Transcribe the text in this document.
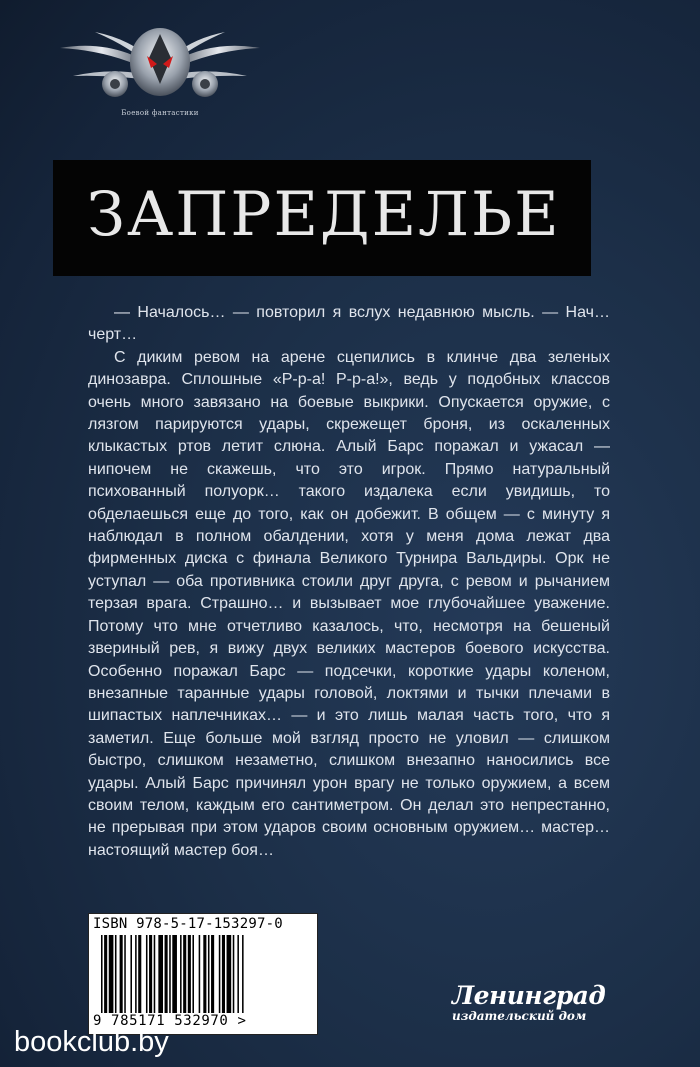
Боевой фантастики
ЗАПРЕДЕЛЬЕ

— Началось… — повторил я вслух недавнюю мысль. — Нач… черт…

С диким ревом на арене сцепились в клинче два зеленых динозавра. Сплошные «Р-р-а! Р-р-а!», ведь у подобных классов очень много завязано на боевые выкрики. Опускается оружие, с лязгом парируются удары, скрежещет броня, из оскаленных клыкастых ртов летит слюна. Алый Барс поражал и ужасал — нипочем не скажешь, что это игрок. Прямо натуральный психованный полуорк… такого издалека если увидишь, то обделаешься еще до того, как он добежит. В общем — с минуту я наблюдал в полном обалдении, хотя у меня дома лежат два фирменных диска с финала Великого Турнира Вальдиры. Орк не уступал — оба противника стоили друг друга, с ревом и рычанием терзая врага. Страшно… и вызывает мое глубочайшее уважение. Потому что мне отчетливо казалось, что, несмотря на бешеный звериный рев, я вижу двух великих мастеров боевого искусства. Особенно поражал Барс — подсечки, короткие удары коленом, внезапные таранные удары головой, локтями и тычки плечами в шипастых наплечниках… — и это лишь малая часть того, что я заметил. Еще больше мой взгляд просто не уловил — слишком быстро, слишком незаметно, слишком внезапно наносились все удары. Алый Барс причинял урон врагу не только оружием, а всем своим телом, каждым его сантиметром. Он делал это непрестанно, не прерывая при этом ударов своим основным оружием… мастер… настоящий мастер боя…

ISBN 978-5-17-153297-0
9 785171 532970 >
Ленинград
издательский дом
bookclub.by
